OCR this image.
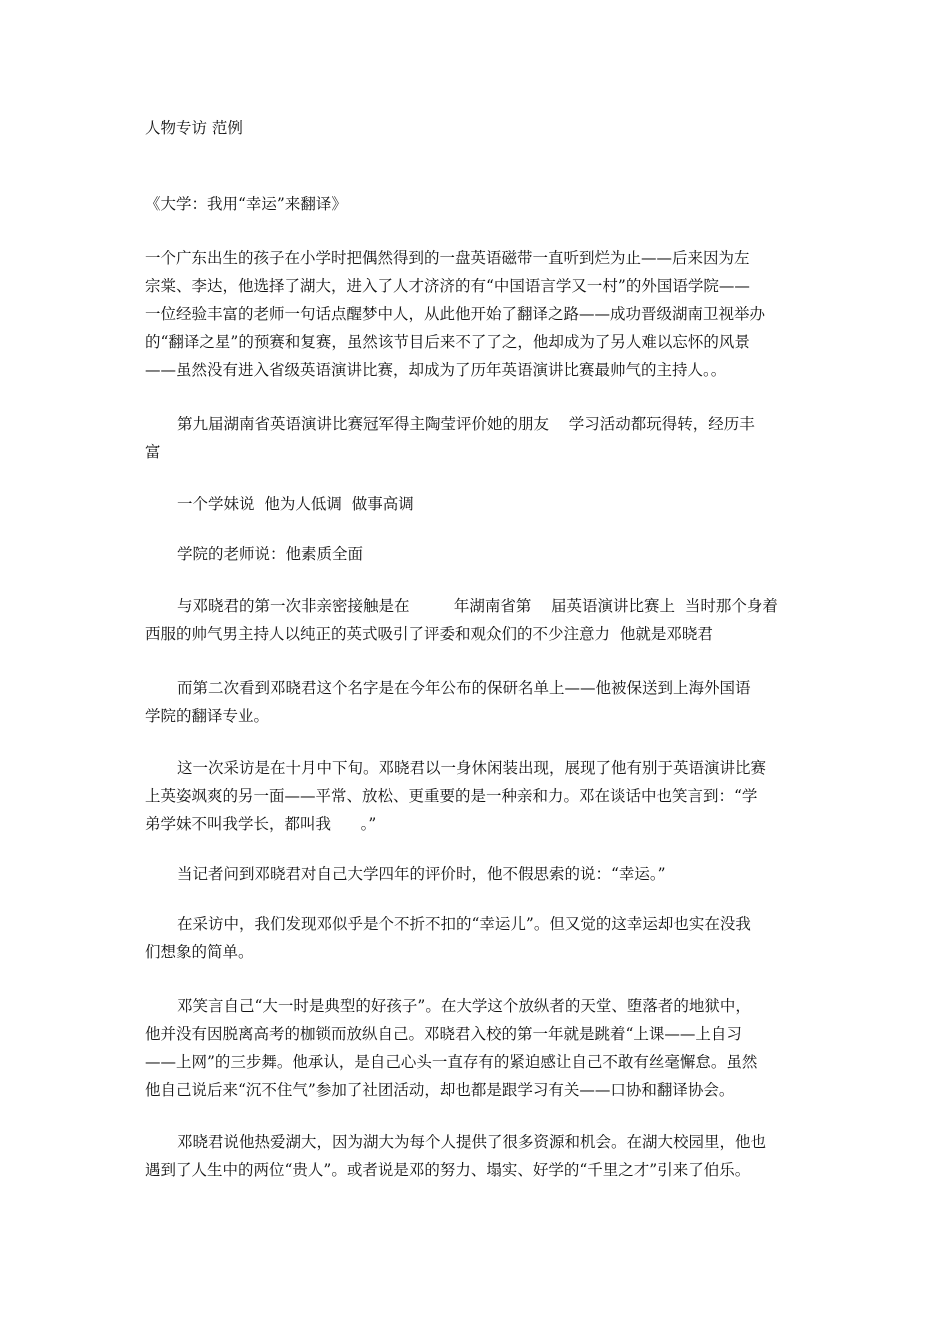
人物专访 范例
《大学：我用“幸运”来翻译》
一个广东出生的孩子在小学时把偶然得到的一盘英语磁带一直听到烂为止——后来因为左
宗棠、李达，他选择了湖大，进入了人才济济的有“中国语言学又一村”的外国语学院——
一位经验丰富的老师一句话点醒梦中人，从此他开始了翻译之路——成功晋级湖南卫视举办
的“翻译之星”的预赛和复赛，虽然该节目后来不了了之，他却成为了另人难以忘怀的风景
——虽然没有进入省级英语演讲比赛，却成为了历年英语演讲比赛最帅气的主持人。。
第九届湖南省英语演讲比赛冠军得主陶莹评价她的朋友    学习活动都玩得转，经历丰
富
一个学妹说  他为人低调  做事高调
学院的老师说：他素质全面
与邓晓君的第一次非亲密接触是在         年湖南省第    届英语演讲比赛上  当时那个身着
西服的帅气男主持人以纯正的英式吸引了评委和观众们的不少注意力  他就是邓晓君
而第二次看到邓晓君这个名字是在今年公布的保研名单上——他被保送到上海外国语
学院的翻译专业。
这一次采访是在十月中下旬。邓晓君以一身休闲装出现，展现了他有别于英语演讲比赛
上英姿飒爽的另一面——平常、放松、更重要的是一种亲和力。邓在谈话中也笑言到：“学
弟学妹不叫我学长，都叫我      。”
当记者问到邓晓君对自己大学四年的评价时，他不假思索的说：“幸运。”
在采访中，我们发现邓似乎是个不折不扣的“幸运儿”。但又觉的这幸运却也实在没我
们想象的简单。
邓笑言自己“大一时是典型的好孩子”。在大学这个放纵者的天堂、堕落者的地狱中，
他并没有因脱离高考的枷锁而放纵自己。邓晓君入校的第一年就是跳着“上课——上自习
——上网”的三步舞。他承认，是自己心头一直存有的紧迫感让自己不敢有丝毫懈怠。虽然
他自己说后来“沉不住气”参加了社团活动，却也都是跟学习有关——口协和翻译协会。
邓晓君说他热爱湖大，因为湖大为每个人提供了很多资源和机会。在湖大校园里，他也
遇到了人生中的两位“贵人”。或者说是邓的努力、塌实、好学的“千里之才”引来了伯乐。
